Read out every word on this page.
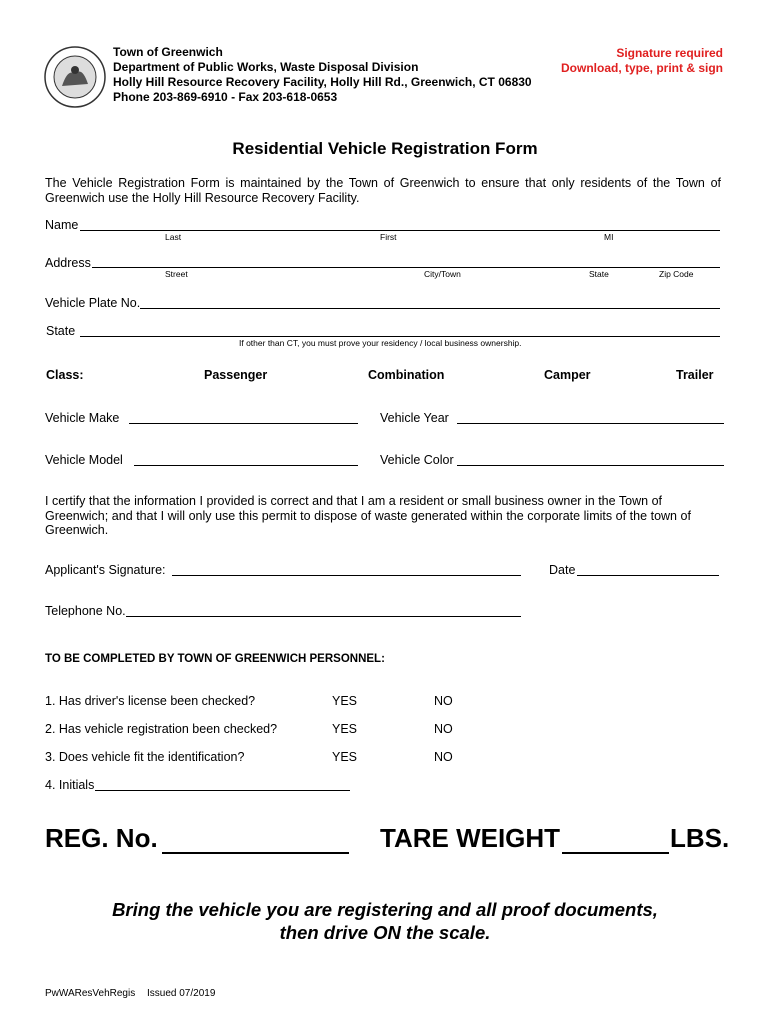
Town of Greenwich
Department of Public Works, Waste Disposal Division
Holly Hill Resource Recovery Facility, Holly Hill Rd., Greenwich, CT 06830
Phone 203-869-6910 - Fax 203-618-0653
Signature required
Download, type, print & sign
Residential Vehicle Registration Form
The Vehicle Registration Form is maintained by the Town of Greenwich to ensure that only residents of the Town of
Greenwich use the Holly Hill Resource Recovery Facility.
Name
Last	First	MI
Address
Street	City/Town	State	Zip Code
Vehicle Plate No.
State
If other than CT, you must prove your residency / local business ownership.
Class:	Passenger	Combination	Camper	Trailer
Vehicle Make	Vehicle Year
Vehicle Model	Vehicle Color
I certify that the information I provided is correct and that I am a resident or small business owner in the Town of
Greenwich; and that I will only use this permit to dispose of waste generated within the corporate limits of the town of
Greenwich.
Applicant's Signature:	Date
Telephone No.
TO BE COMPLETED BY TOWN OF GREENWICH PERSONNEL:
1. Has driver's license been checked?	YES	NO
2. Has vehicle registration been checked?	YES	NO
3. Does vehicle fit the identification?	YES	NO
4. Initials
REG. No.	TARE WEIGHT	LBS.
Bring the vehicle you are registering and all proof documents,
then drive ON the scale.
PwWAResVehRegis Issued 07/2019
